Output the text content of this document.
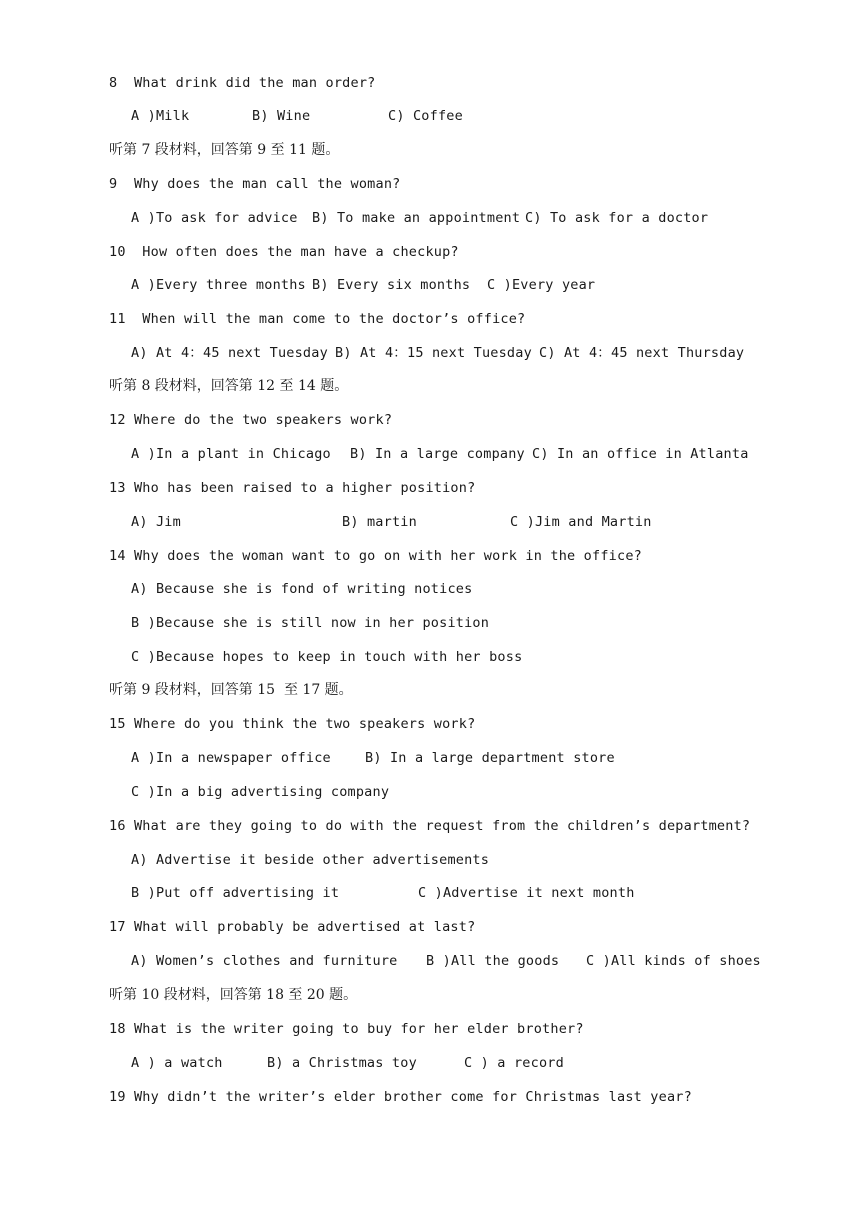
8  What drink did the man order?
A )Milk	B) Wine	C) Coffee
听第 7 段材料，回答第 9 至 11 题。
9  Why does the man call the woman?
A )To ask for advice B) To make an appointment C) To ask for a doctor
10  How often does the man have a checkup?
A )Every three months B) Every six months C )Every year
11  When will the man come to the doctor’s office?
A) At 4：45 next Tuesday B) At 4：15 next Tuesday C) At 4：45 next Thursday
听第 8 段材料，回答第 12 至 14 题。
12 Where do the two speakers work?
A )In a plant in Chicago B) In a large company C) In an office in Atlanta
13 Who has been raised to a higher position?
A) Jim	B) martin	C )Jim and Martin
14 Why does the woman want to go on with her work in the office?
A) Because she is fond of writing notices
B )Because she is still now in her position
C )Because hopes to keep in touch with her boss
听第 9 段材料，回答第 15  至 17 题。
15 Where do you think the two speakers work?
A )In a newspaper office	B) In a large department store
C )In a big advertising company
16 What are they going to do with the request from the children’s department?
A) Advertise it beside other advertisements
B )Put off advertising it	C )Advertise it next month
17 What will probably be advertised at last?
A) Women’s clothes and furniture B )All the goods C )All kinds of shoes
听第 10 段材料，回答第 18 至 20 题。
18 What is the writer going to buy for her elder brother?
A ) a watch	B) a Christmas toy	C ) a record
19 Why didn’t the writer’s elder brother come for Christmas last year?
